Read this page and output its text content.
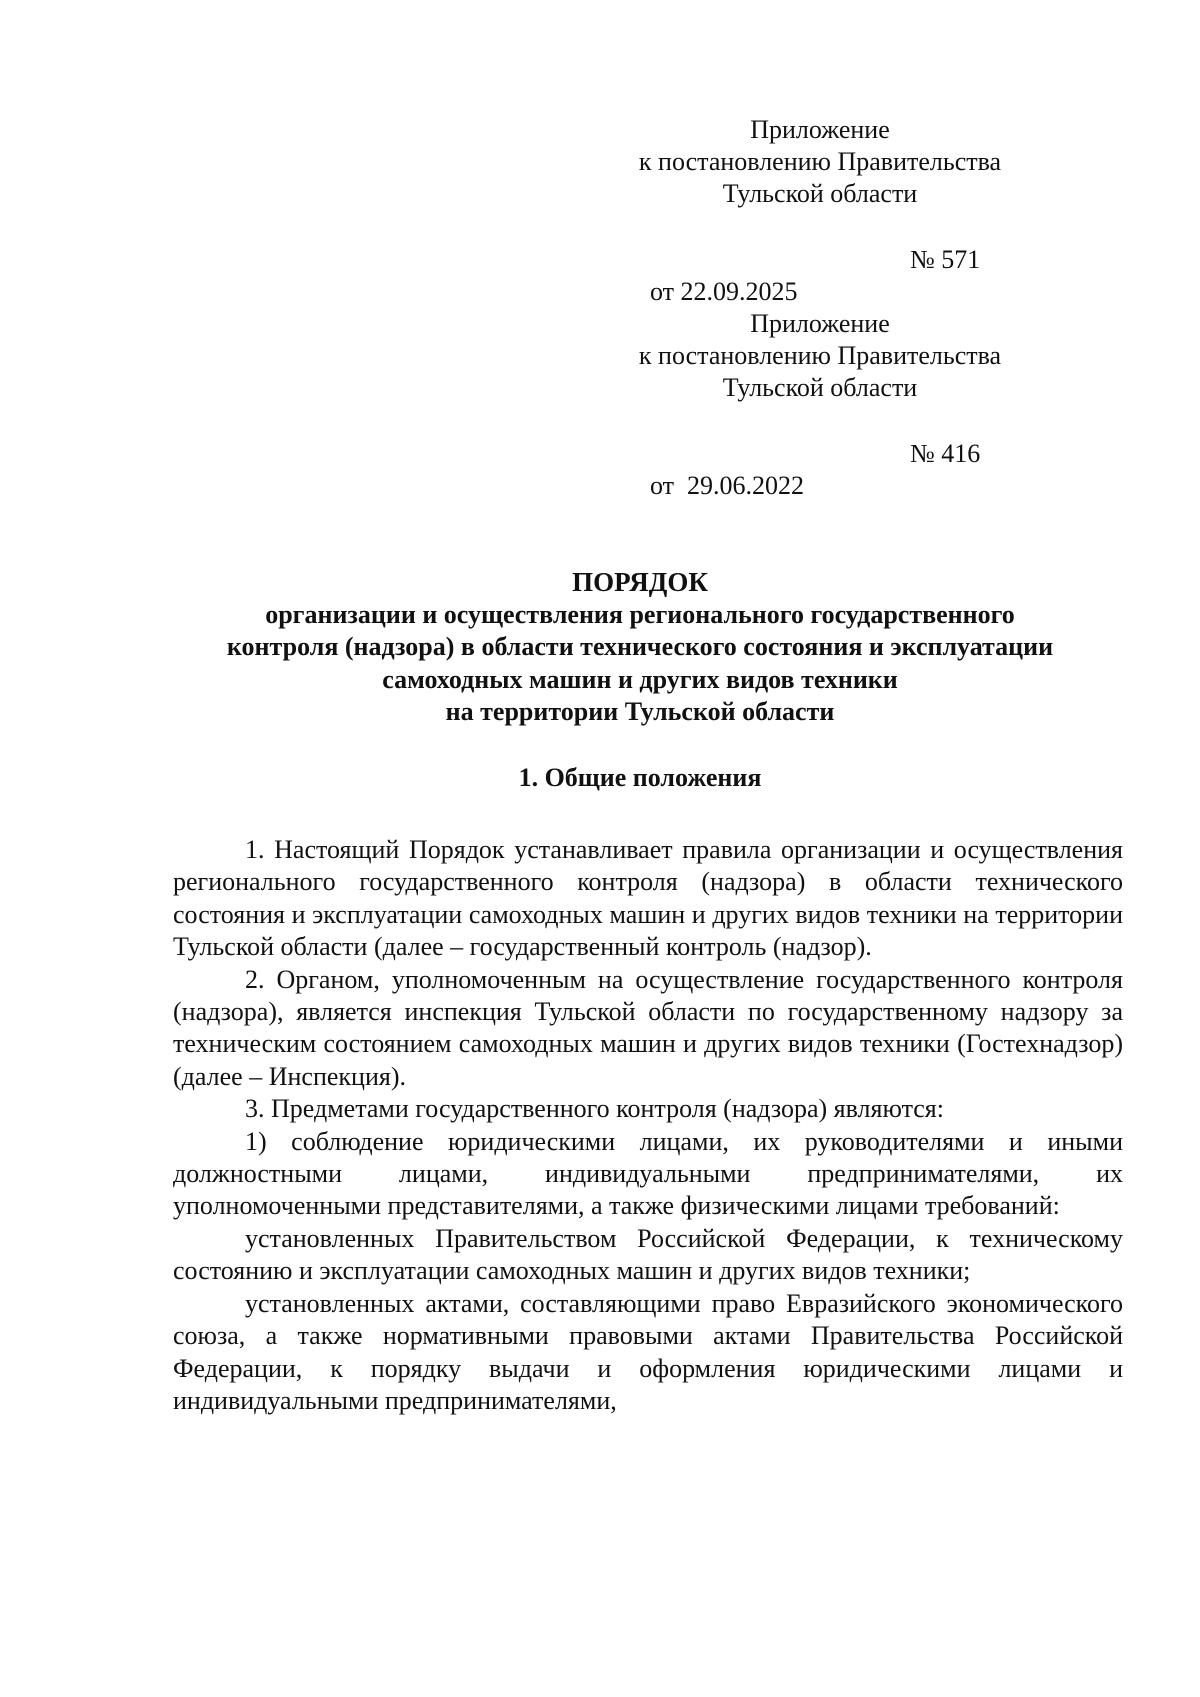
Приложение
к постановлению Правительства
Тульской области

от 22.09.2025

№ 571

Приложение
к постановлению Правительства
Тульской области

от  29.06.2022

№ 416

ПОРЯДОК
организации и осуществления регионального государственного
контроля (надзора) в области технического состояния и эксплуатации
самоходных машин и других видов техники
на территории Тульской области
1. Общие положения

1. Настоящий Порядок устанавливает правила организации и осуществления регионального государственного контроля (надзора) в области технического состояния и эксплуатации самоходных машин и других видов техники на территории Тульской области (далее – государственный контроль (надзор).

2. Органом, уполномоченным на осуществление государственного контроля (надзора), является инспекция Тульской области по государственному надзору за техническим состоянием самоходных машин и других видов техники (Гостехнадзор) (далее – Инспекция).

3. Предметами государственного контроля (надзора) являются:

1) соблюдение юридическими лицами, их руководителями и иными должностными лицами, индивидуальными предпринимателями, их уполномоченными представителями, а также физическими лицами требований:

установленных Правительством Российской Федерации, к техническому состоянию и эксплуатации самоходных машин и других видов техники;

установленных актами, составляющими право Евразийского экономического союза, а также нормативными правовыми актами Правительства Российской Федерации, к порядку выдачи и оформления юридическими лицами и индивидуальными предпринимателями,
